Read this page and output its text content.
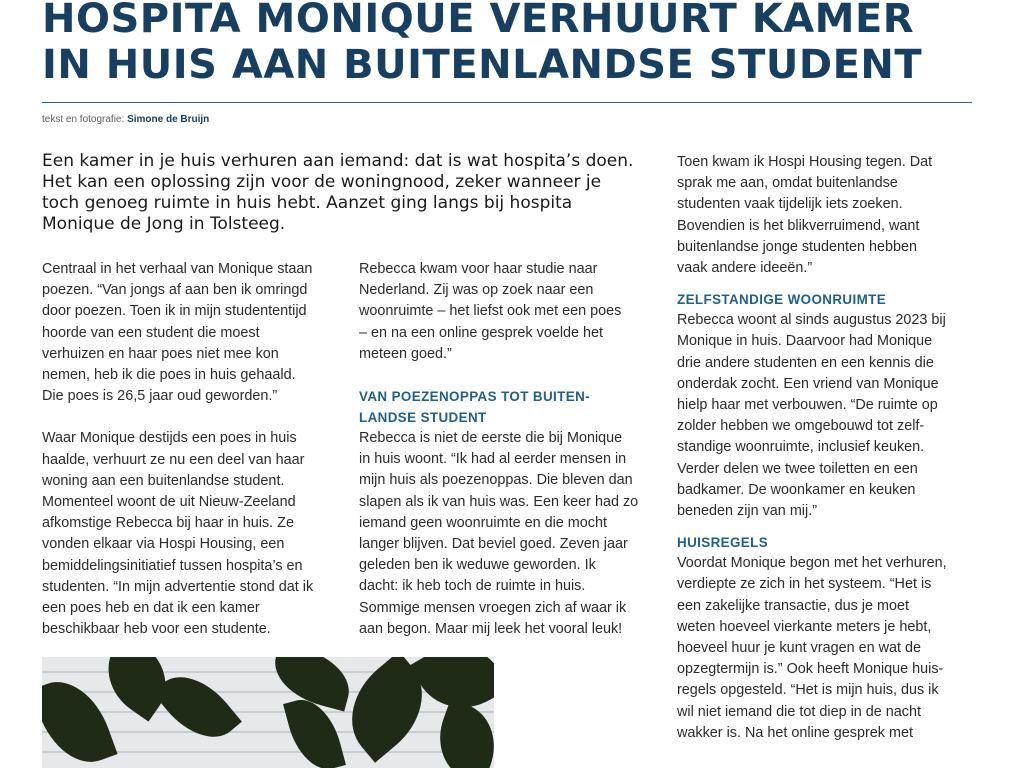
HOSPITA MONIQUE VERHUURT KAMER
IN HUIS AAN BUITENLANDSE STUDENT
tekst en fotografie: Simone de Bruijn
Een kamer in je huis verhuren aan iemand: dat is wat hospita’s doen.
Het kan een oplossing zijn voor de woningnood, zeker wanneer je
toch genoeg ruimte in huis hebt. Aanzet ging langs bij hospita
Monique de Jong in Tolsteeg.

Centraal in het verhaal van Monique staan
poezen. “Van jongs af aan ben ik omringd
door poezen. Toen ik in mijn studententijd
hoorde van een student die moest
verhuizen en haar poes niet mee kon
nemen, heb ik die poes in huis gehaald.
Die poes is 26,5 jaar oud geworden.”

Waar Monique destijds een poes in huis
haalde, verhuurt ze nu een deel van haar
woning aan een buitenlandse student.
Momenteel woont de uit Nieuw-Zeeland
afkomstige Rebecca bij haar in huis. Ze
vonden elkaar via Hospi Housing, een
bemiddelingsinitiatief tussen hospita’s en
studenten. “In mijn advertentie stond dat ik
een poes heb en dat ik een kamer
beschikbaar heb voor een studente.

Rebecca kwam voor haar studie naar
Nederland. Zij was op zoek naar een
woonruimte – het liefst ook met een poes
– en na een online gesprek voelde het
meteen goed.”

VAN POEZENOPPAS TOT BUITEN-
LANDSE STUDENT

Rebecca is niet de eerste die bij Monique
in huis woont. “Ik had al eerder mensen in
mijn huis als poezenoppas. Die bleven dan
slapen als ik van huis was. Een keer had zo
iemand geen woonruimte en die mocht
langer blijven. Dat beviel goed. Zeven jaar
geleden ben ik weduwe geworden. Ik
dacht: ik heb toch de ruimte in huis.
Sommige mensen vroegen zich af waar ik
aan begon. Maar mij leek het vooral leuk!

Toen kwam ik Hospi Housing tegen. Dat
sprak me aan, omdat buitenlandse
studenten vaak tijdelijk iets zoeken.
Bovendien is het blikverruimend, want
buitenlandse jonge studenten hebben
vaak andere ideeën.”

ZELFSTANDIGE WOONRUIMTE

Rebecca woont al sinds augustus 2023 bij
Monique in huis. Daarvoor had Monique
drie andere studenten en een kennis die
onderdak zocht. Een vriend van Monique
hielp haar met verbouwen. “De ruimte op
zolder hebben we omgebouwd tot zelf-
standige woonruimte, inclusief keuken.
Verder delen we twee toiletten en een
badkamer. De woonkamer en keuken
beneden zijn van mij.”

HUISREGELS

Voordat Monique begon met het verhuren,
verdiepte ze zich in het systeem. “Het is
een zakelijke transactie, dus je moet
weten hoeveel vierkante meters je hebt,
hoeveel huur je kunt vragen en wat de
opzegtermijn is.” Ook heeft Monique huis-
regels opgesteld. “Het is mijn huis, dus ik
wil niet iemand die tot diep in de nacht
wakker is. Na het online gesprek met
